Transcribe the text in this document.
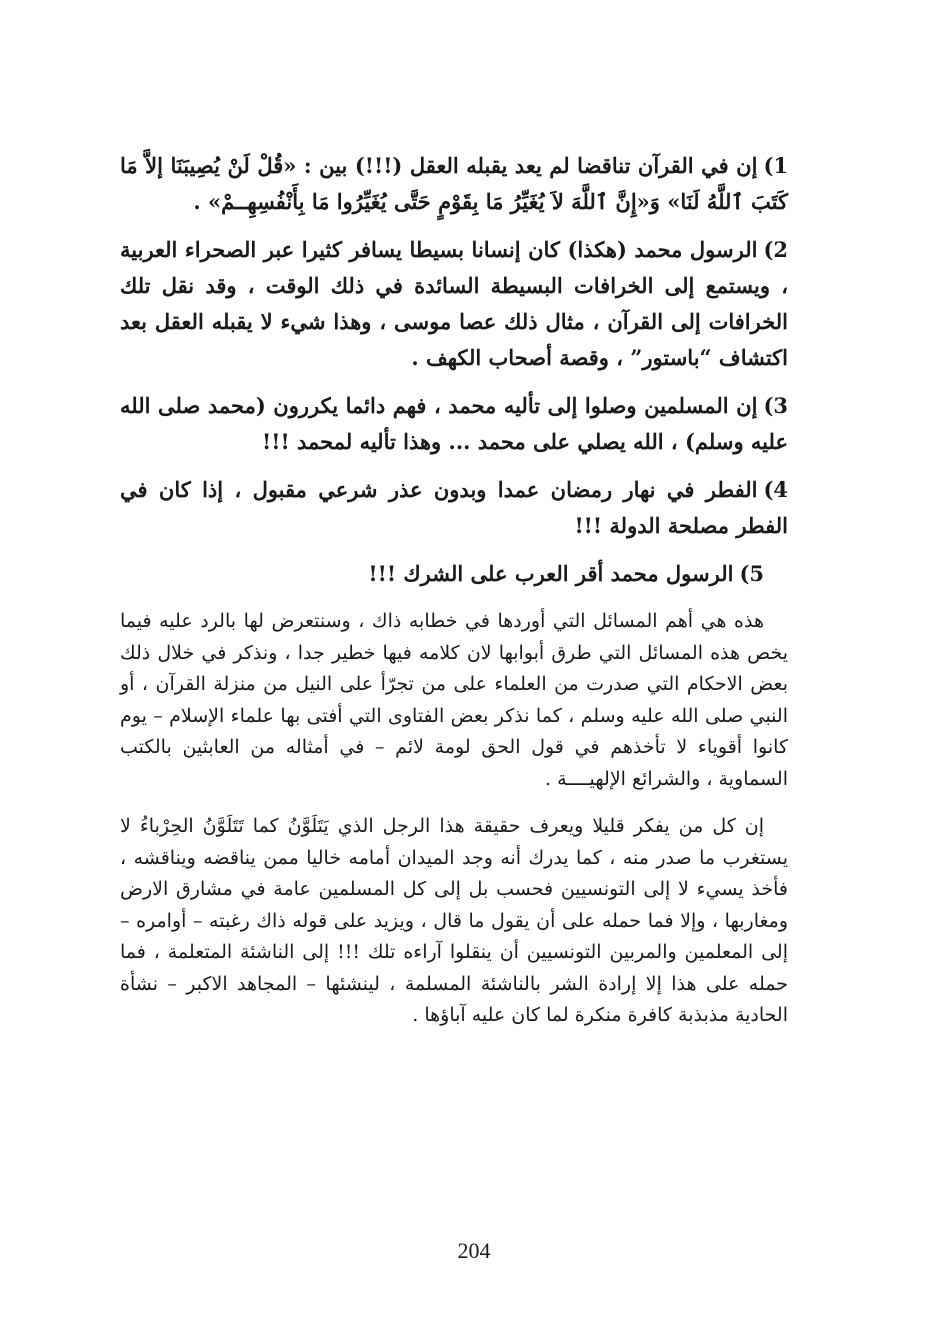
1)إن في القرآن تناقضا لم يعد يقبله العقل (!!!) بين : «قُلْ لَنْ يُصِيبَنَا إلاَّ مَا كَتَبَ ٱللَّهُ لَنَا» وَ«إِنَّ ٱللَّهَ لاَ يُغَيِّرُ مَا بِقَوْمٍ حَتَّى يُغَيِّرُوا مَا بِأَنْفُسِهِــمْ» .

2)الرسول محمد (هكذا) كان إنسانا بسيطا يسافر كثيرا عبر الصحراء العربية ، ويستمع إلى الخرافات البسيطة السائدة في ذلك الوقت ، وقد نقل تلك الخرافات إلى القرآن ، مثال ذلك عصا موسى ، وهذا شيء لا يقبله العقل بعد اكتشاف “باستور” ، وقصة أصحاب الكهف .

3)إن المسلمين وصلوا إلى تأليه محمد ، فهم دائما يكررون (محمد صلى الله عليه وسلم) ، الله يصلي على محمد ... وهذا تأليه لمحمد !!!

4)الفطر في نهار رمضان عمدا وبدون عذر شرعي مقبول ، إذا كان في الفطر مصلحة الدولة !!!

5)الرسول محمد أقر العرب على الشرك !!!

هذه هي أهم المسائل التي أوردها في خطابه ذاك ، وسنتعرض لها بالرد عليه فيما يخص هذه المسائل التي طرق أبوابها لان كلامه فيها خطير جدا ، ونذكر في خلال ذلك بعض الاحكام التي صدرت من العلماء على من تجرّأ على النيل من منزلة القرآن ، أو النبي صلى الله عليه وسلم ، كما نذكر بعض الفتاوى التي أفتى بها علماء الإسلام – يوم كانوا أقوياء لا تأخذهم في قول الحق لومة لائم – في أمثاله من العابثين بالكتب السماوية ، والشرائع الإلهيــــة .

إن كل من يفكر قليلا ويعرف حقيقة هذا الرجل الذي يَتَلَوَّنُ كما تَتَلَوَّنُ الحِرْباءُ لا يستغرب ما صدر منه ، كما يدرك أنه وجد الميدان أمامه خاليا ممن يناقضه ويناقشه ، فأخذ يسيء لا إلى التونسيين فحسب بل إلى كل المسلمين عامة في مشارق الارض ومغاربها ، وإلا فما حمله على أن يقول ما قال ، ويزيد على قوله ذاك رغبته – أوامره – إلى المعلمين والمربين التونسيين أن ينقلوا آراءه تلك !!! إلى الناشئة المتعلمة ، فما حمله على هذا إلا إرادة الشر بالناشئة المسلمة ، لينشئها – المجاهد الاكبر – نشأة الحادية مذبذبة كافرة منكرة لما كان عليه آباؤها .

204
